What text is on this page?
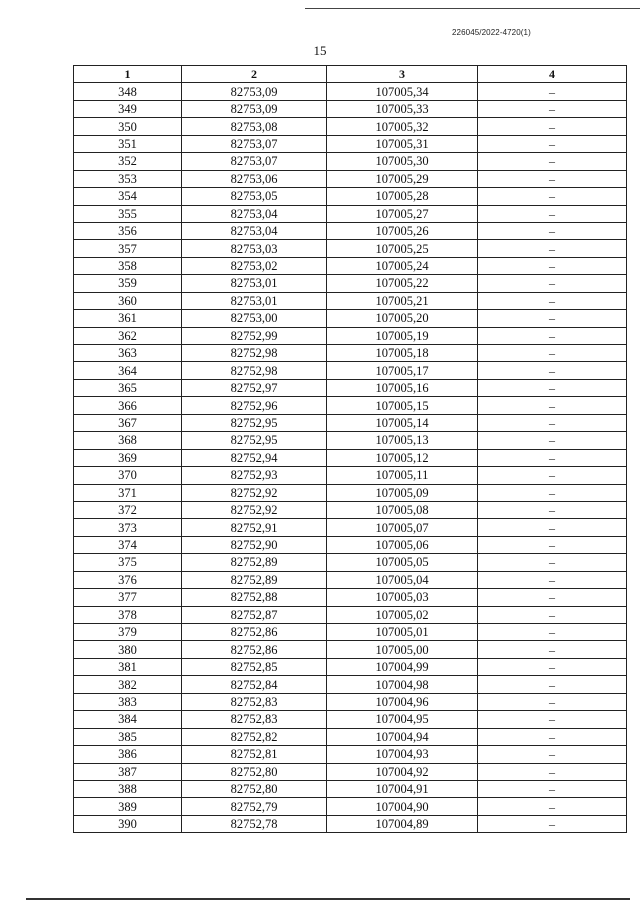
226045/2022-4720(1)
15
1	2	3	4
348	82753,09	107005,34	–
349	82753,09	107005,33	–
350	82753,08	107005,32	–
351	82753,07	107005,31	–
352	82753,07	107005,30	–
353	82753,06	107005,29	–
354	82753,05	107005,28	–
355	82753,04	107005,27	–
356	82753,04	107005,26	–
357	82753,03	107005,25	–
358	82753,02	107005,24	–
359	82753,01	107005,22	–
360	82753,01	107005,21	–
361	82753,00	107005,20	–
362	82752,99	107005,19	–
363	82752,98	107005,18	–
364	82752,98	107005,17	–
365	82752,97	107005,16	–
366	82752,96	107005,15	–
367	82752,95	107005,14	–
368	82752,95	107005,13	–
369	82752,94	107005,12	–
370	82752,93	107005,11	–
371	82752,92	107005,09	–
372	82752,92	107005,08	–
373	82752,91	107005,07	–
374	82752,90	107005,06	–
375	82752,89	107005,05	–
376	82752,89	107005,04	–
377	82752,88	107005,03	–
378	82752,87	107005,02	–
379	82752,86	107005,01	–
380	82752,86	107005,00	–
381	82752,85	107004,99	–
382	82752,84	107004,98	–
383	82752,83	107004,96	–
384	82752,83	107004,95	–
385	82752,82	107004,94	–
386	82752,81	107004,93	–
387	82752,80	107004,92	–
388	82752,80	107004,91	–
389	82752,79	107004,90	–
390	82752,78	107004,89	–
